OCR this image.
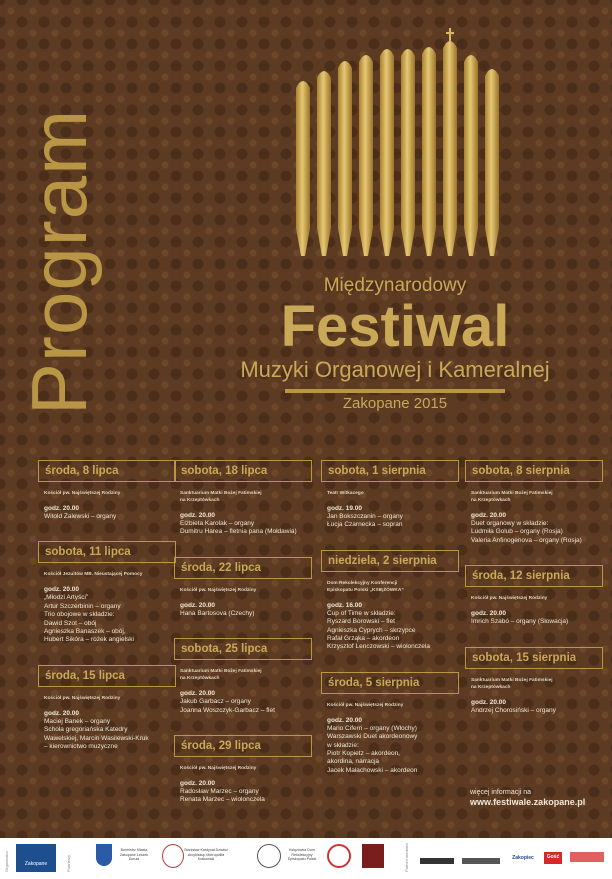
Program	Międzynarodowy
Festiwal
Muzyki Organowej i Kameralnej
Zakopane 2015
środa, 8 lipca
Kościół pw. Najświętszej Rodziny
godz. 20.00
Witold Zalewski – organy
sobota, 11 lipca
Kościół Jezuitów MB. Nieustającej Pomocy
godz. 20.00
„Młodzi Artyści”
Artur Szczerbinin – organy
Trio obojowe w składzie:
Dawid Szot – obój
Agnieszka Banaszek – obój,
Hubert Sikóra – rożek angielski
środa, 15 lipca
Kościół pw. Najświętszej Rodziny
godz. 20.00
Maciej Banek – organy
Schola gregoriańska Katedry
Wawelskiej, Marcin Wasilewski-Kruk
– kierownictwo muzyczne
sobota, 18 lipca
Sanktuarium Matki Bożej Fatimskiej
na Krzeptówkach
godz. 20.00
Elżbieta Karolak – organy
Dumitru Harea – fletnia pana (Mołdawia)
środa, 22 lipca
Kościół pw. Najświętszej Rodziny
godz. 20.00
Hana Bartosova (Czechy)
sobota, 25 lipca
Sanktuarium Matki Bożej Fatimskiej
na Krzeptówkach
godz. 20.00
Jakub Garbacz – organy
Joanna Woszczyk-Garbacz – flet
środa, 29 lipca
Kościół pw. Najświętszej Rodziny
godz. 20.00
Radosław Marzec – organy
Renata Marzec – wiolonczela
sobota, 1 sierpnia
Teatr Witkacego
godz. 19.00
Jan Bokszczanin – organy
Łucja Czarnecka – sopran
niedziela, 2 sierpnia
Dom Rekolekcyjny Konferencji
Episkopatu Polski „KSIĘŻÓWKA”
godz. 16.00
Cup of Time w składzie:
Ryszard Borowski – flet
Agnieszka Cyprych – skrzypce
Rafał Grząka – akordeon
Krzysztof Lenczowski – wiolonczela
środa, 5 sierpnia
Kościół pw. Najświętszej Rodziny
godz. 20.00
Mario Ciferri – organy (Włochy)
Warszawski Duet akordeonowy
w składzie:
Piotr Kopietz – akordeon,
akordina, narracja
Jacek Małachowski – akordeon
sobota, 8 sierpnia
Sanktuarium Matki Bożej Fatimskiej
na Krzeptówkach
godz. 20.00
Duet organowy w składzie:
Ludmiła Golub – organy (Rosja)
Valeria Anfinogenova – organy (Rosja)
środa, 12 sierpnia
Kościół pw. Najświętszej Rodziny
godz. 20.00
Imrich Szabó – organy (Słowacja)
sobota, 15 sierpnia
Sanktuarium Matki Bożej Fatimskiej
na Krzeptówkach
godz. 20.00
Andrzej Chorosiński – organy
więcej informacji na
www.festiwale.zakopane.pl
Organizator	Zakopane	Partnerzy
Burmistrz Miasta Zakopane Leszek Dorula
Stanisław Kardynał Dziwisz Arcybiskup Metropolita Krakowski
Księżówka Dom Rekolekcyjny Episkopatu Polski	Patroni medialni	Zakopiec	Gość
